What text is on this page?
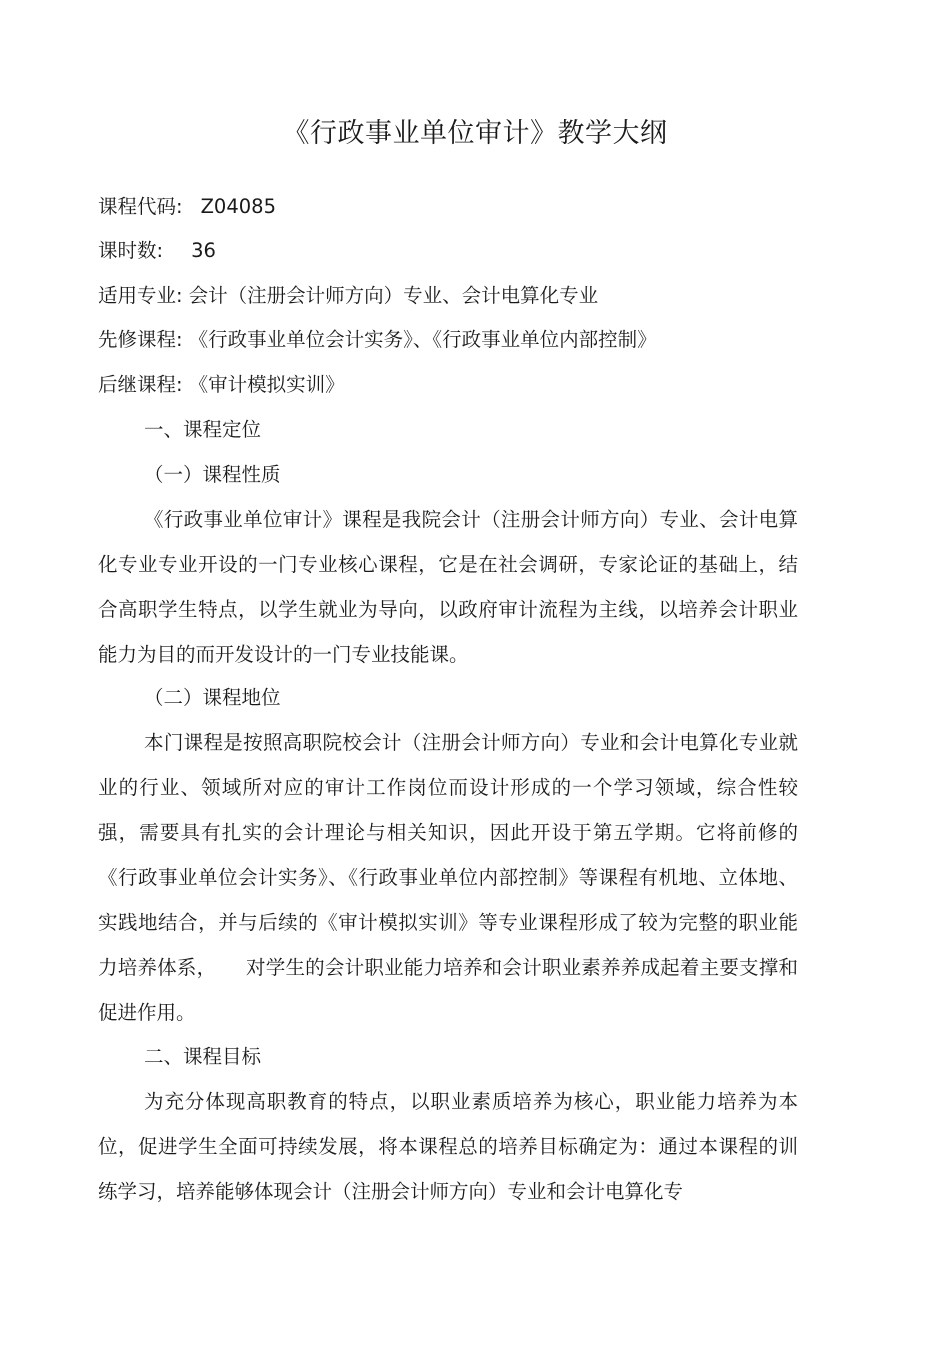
《行政事业单位审计》教学大纲
课程代码: Z04085
课时数: 36
适用专业: 会计（注册会计师方向）专业、会计电算化专业
先修课程: 《行政事业单位会计实务》、《行政事业单位内部控制》
后继课程: 《审计模拟实训》
一、课程定位
（一）课程性质

《行政事业单位审计》课程是我院会计（注册会计师方向）专业、会计电算化专业专业开设的一门专业核心课程，它是在社会调研，专家论证的基础上，结合高职学生特点，以学生就业为导向，以政府审计流程为主线，以培养会计职业能力为目的而开发设计的一门专业技能课。

（二）课程地位

本门课程是按照高职院校会计（注册会计师方向）专业和会计电算化专业就业的行业、领域所对应的审计工作岗位而设计形成的一个学习领域，综合性较强，需要具有扎实的会计理论与相关知识，因此开设于第五学期。它将前修的《行政事业单位会计实务》、《行政事业单位内部控制》等课程有机地、立体地、实践地结合，并与后续的《审计模拟实训》等专业课程形成了较为完整的职业能力培养体系，　　对学生的会计职业能力培养和会计职业素养养成起着主要支撑和促进作用。

二、课程目标

为充分体现高职教育的特点，以职业素质培养为核心，职业能力培养为本位，促进学生全面可持续发展，将本课程总的培养目标确定为：通过本课程的训练学习，培养能够体现会计（注册会计师方向）专业和会计电算化专
